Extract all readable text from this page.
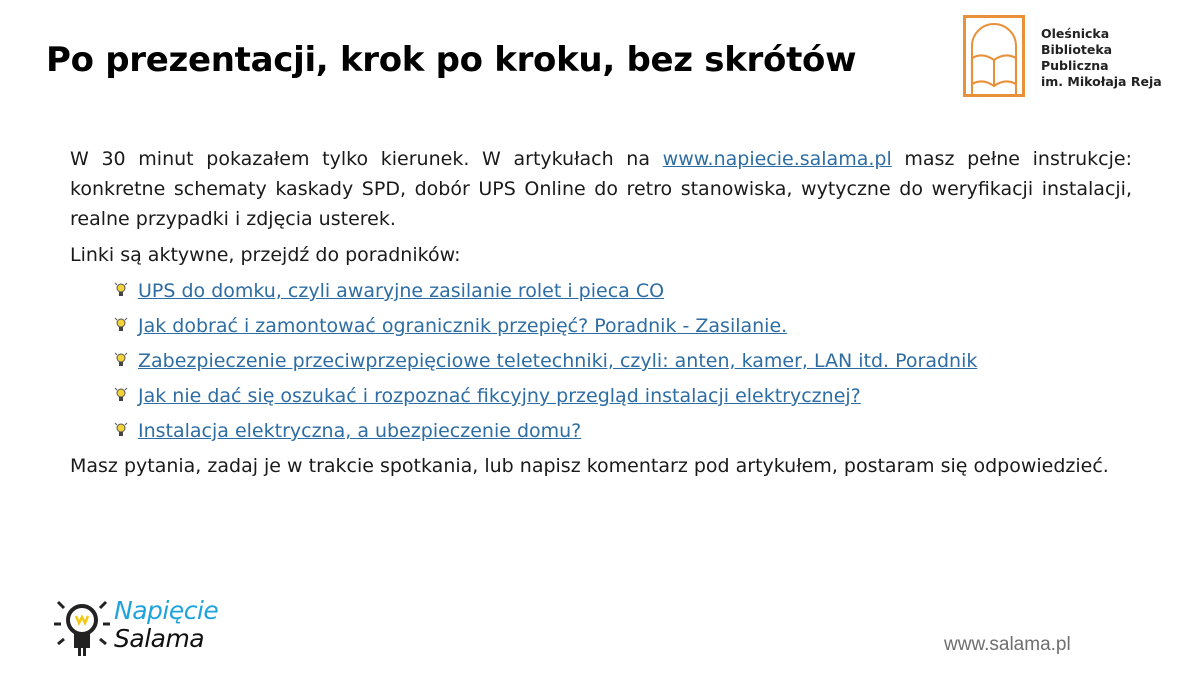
Po prezentacji, krok po kroku, bez skrótów
Oleśnicka
Biblioteka
Publiczna
im. Mikołaja Reja

W 30 minut pokazałem tylko kierunek. W artykułach na www.napiecie.salama.pl masz pełne instrukcje: konkretne schematy kaskady SPD, dobór UPS Online do retro stanowiska, wytyczne do weryfikacji instalacji, realne przypadki i zdjęcia usterek.

Linki są aktywne, przejdź do poradników:

UPS do domku, czyli awaryjne zasilanie rolet i pieca CO
Jak dobrać i zamontować ogranicznik przepięć? Poradnik - Zasilanie.
Zabezpieczenie przeciwprzepięciowe teletechniki, czyli: anten, kamer, LAN itd. Poradnik
Jak nie dać się oszukać i rozpoznać fikcyjny przegląd instalacji elektrycznej?
Instalacja elektryczna, a ubezpieczenie domu?

Masz pytania, zadaj je w trakcie spotkania, lub napisz komentarz pod artykułem, postaram się odpowiedzieć.

Napięcie
Salama	www.salama.pl
